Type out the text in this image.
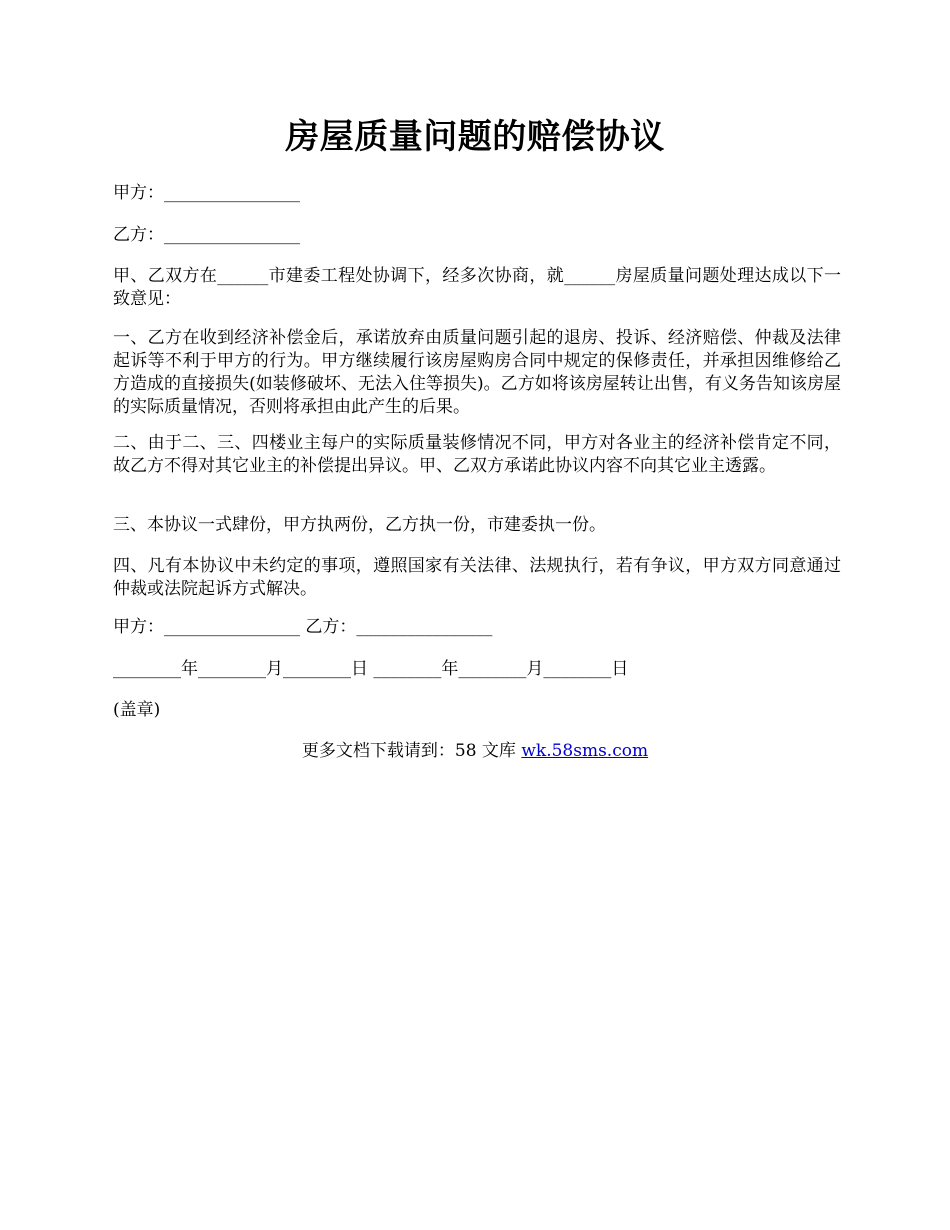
房屋质量问题的赔偿协议

甲方：________________

乙方：________________

甲、乙双方在______市建委工程处协调下，经多次协商，就______房屋质量问题处理达成以下一致意见：

一、乙方在收到经济补偿金后，承诺放弃由质量问题引起的退房、投诉、经济赔偿、仲裁及法律起诉等不利于甲方的行为。甲方继续履行该房屋购房合同中规定的保修责任，并承担因维修给乙方造成的直接损失(如装修破坏、无法入住等损失)。乙方如将该房屋转让出售，有义务告知该房屋的实际质量情况，否则将承担由此产生的后果。

二、由于二、三、四楼业主每户的实际质量装修情况不同，甲方对各业主的经济补偿肯定不同，故乙方不得对其它业主的补偿提出异议。甲、乙双方承诺此协议内容不向其它业主透露。

三、本协议一式肆份，甲方执两份，乙方执一份，市建委执一份。

四、凡有本协议中未约定的事项，遵照国家有关法律、法规执行，若有争议，甲方双方同意通过仲裁或法院起诉方式解决。

甲方：________________ 乙方：________________

________年________月________日 ________年________月________日

(盖章)

更多文档下载请到：58 文库 wk.58sms.com
